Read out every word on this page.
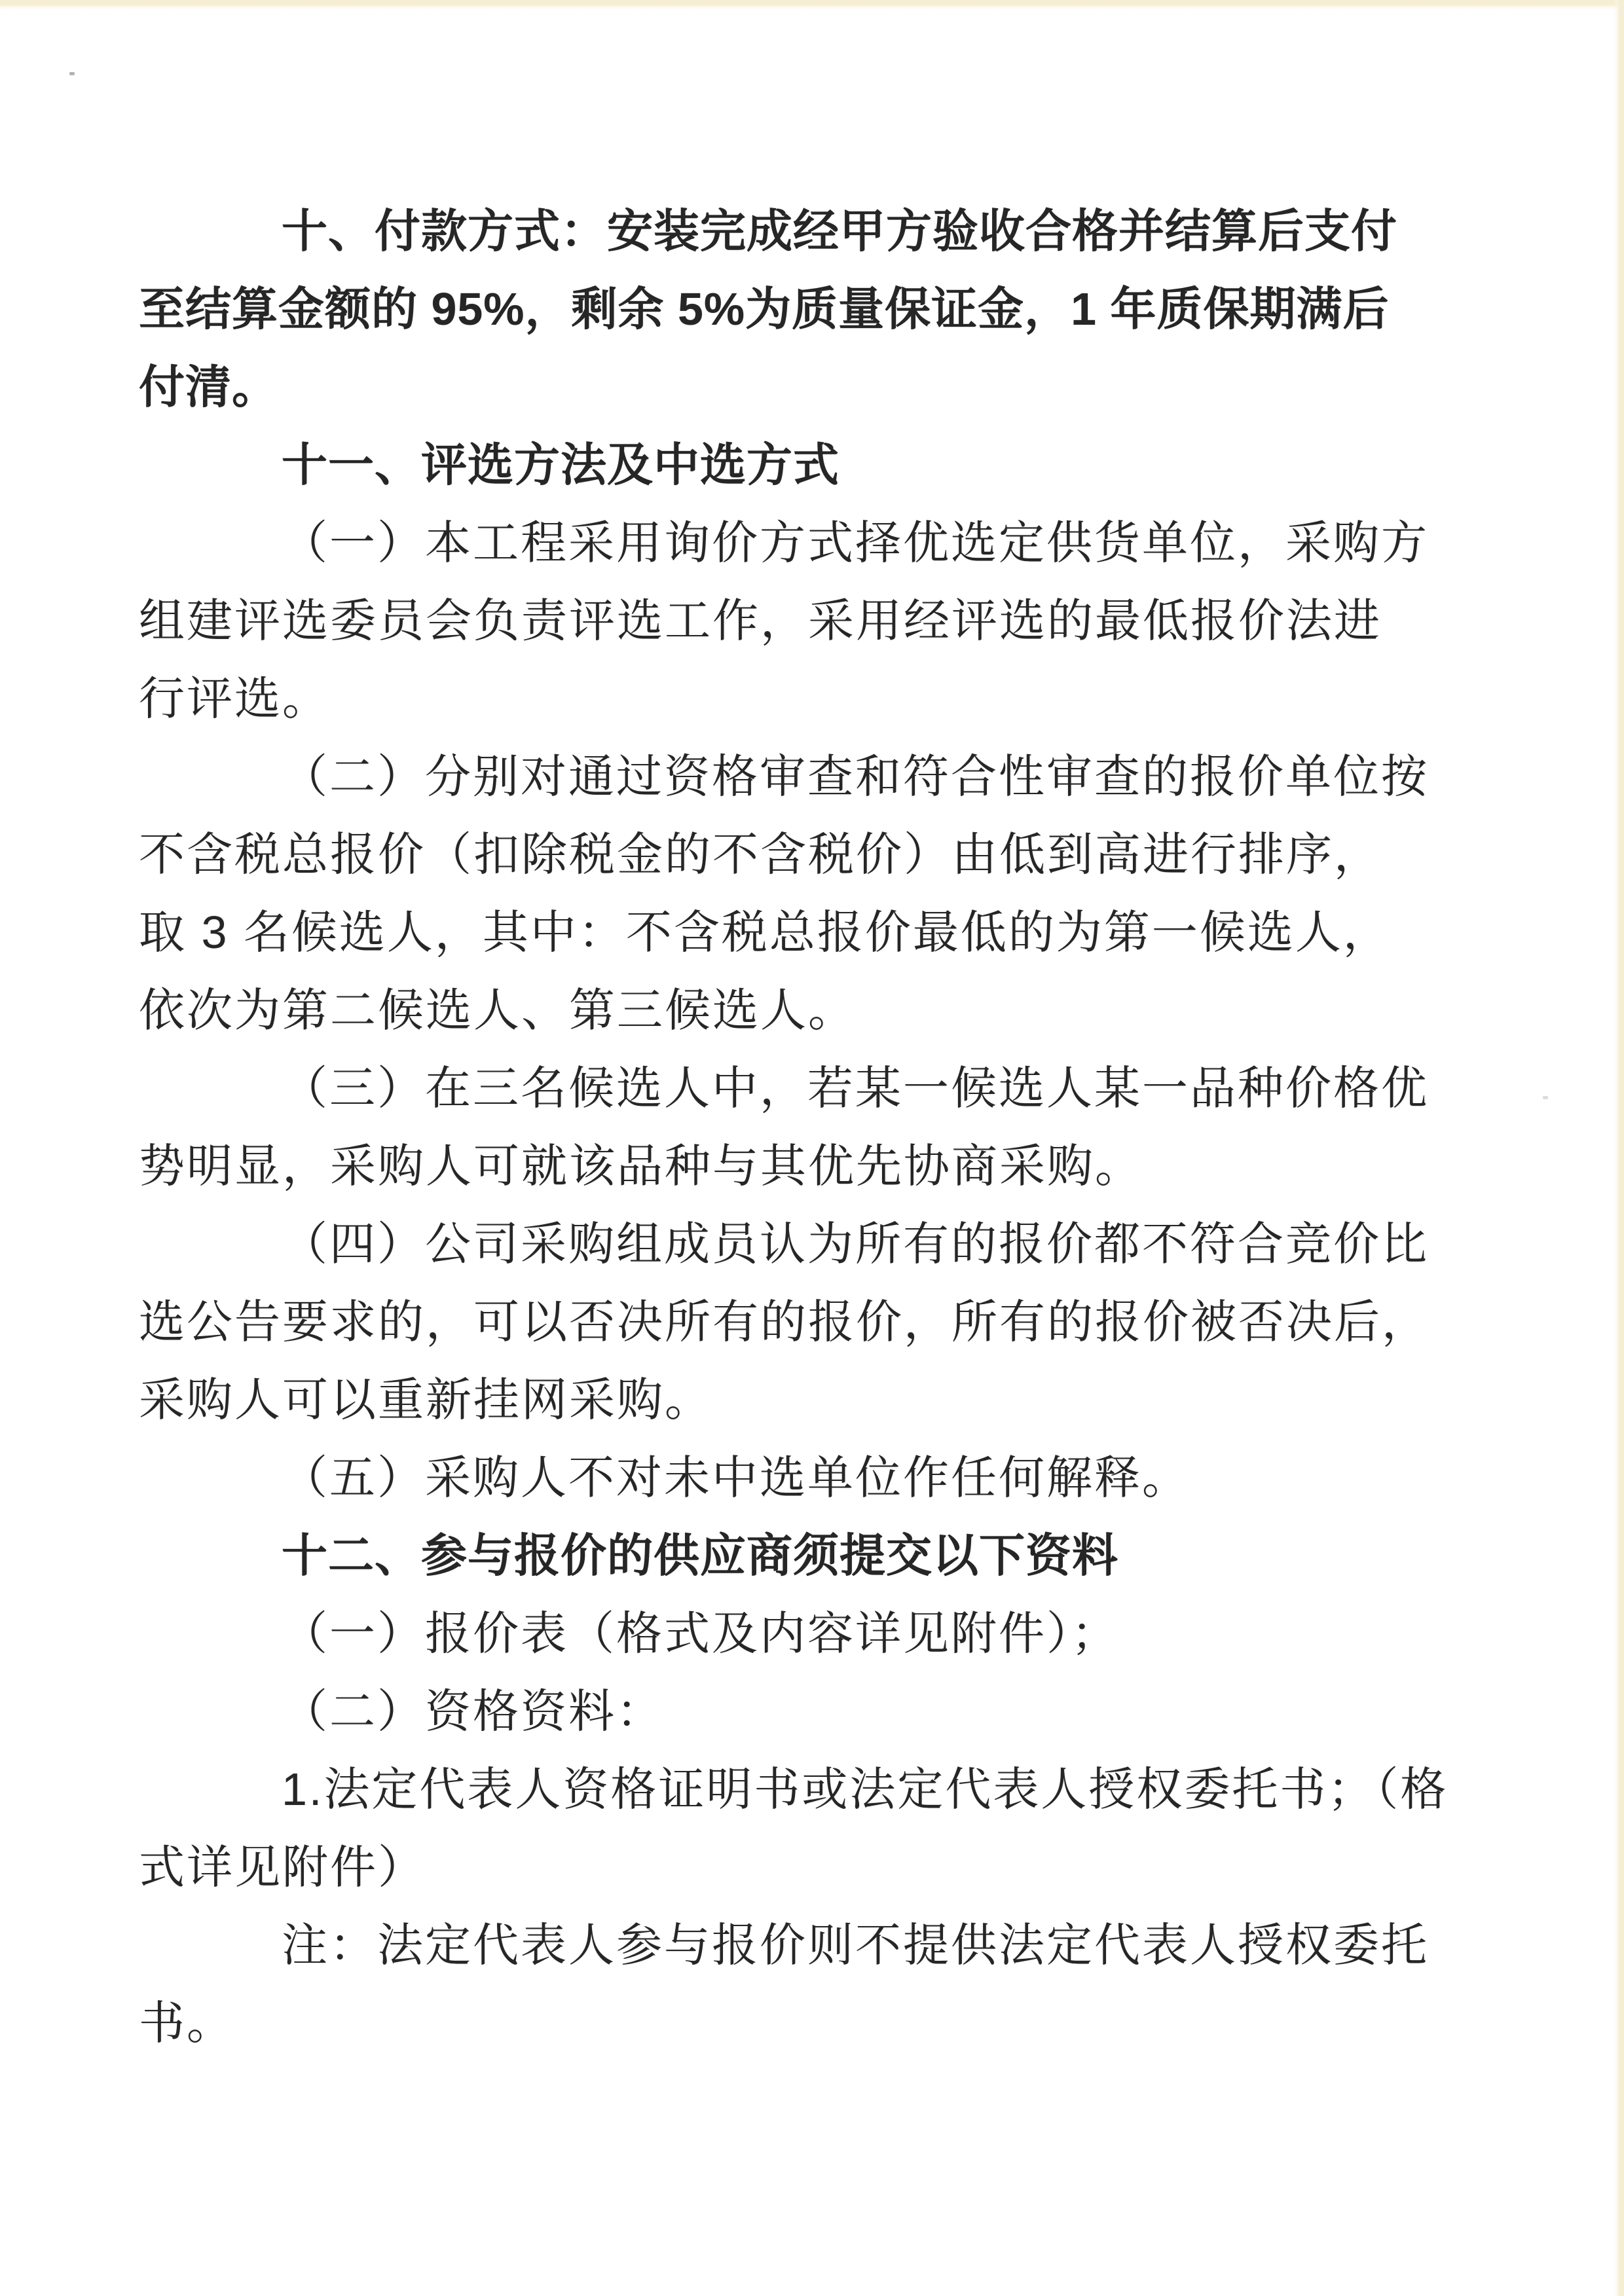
十、付款方式：安装完成经甲方验收合格并结算后支付
至结算金额的 95%，剩余 5%为质量保证金，1 年质保期满后
付清。
十一、评选方法及中选方式
（一）本工程采用询价方式择优选定供货单位，采购方
组建评选委员会负责评选工作，采用经评选的最低报价法进
行评选。
（二）分别对通过资格审查和符合性审查的报价单位按
不含税总报价（扣除税金的不含税价）由低到高进行排序，
取 3 名候选人，其中：不含税总报价最低的为第一候选人，
依次为第二候选人、第三候选人。
（三）在三名候选人中，若某一候选人某一品种价格优
势明显，采购人可就该品种与其优先协商采购。
（四）公司采购组成员认为所有的报价都不符合竞价比
选公告要求的，可以否决所有的报价，所有的报价被否决后，
采购人可以重新挂网采购。
（五）采购人不对未中选单位作任何解释。
十二、参与报价的供应商须提交以下资料
（一）报价表（格式及内容详见附件）；
（二）资格资料：
1.法定代表人资格证明书或法定代表人授权委托书；（格
式详见附件）
注：法定代表人参与报价则不提供法定代表人授权委托
书。
